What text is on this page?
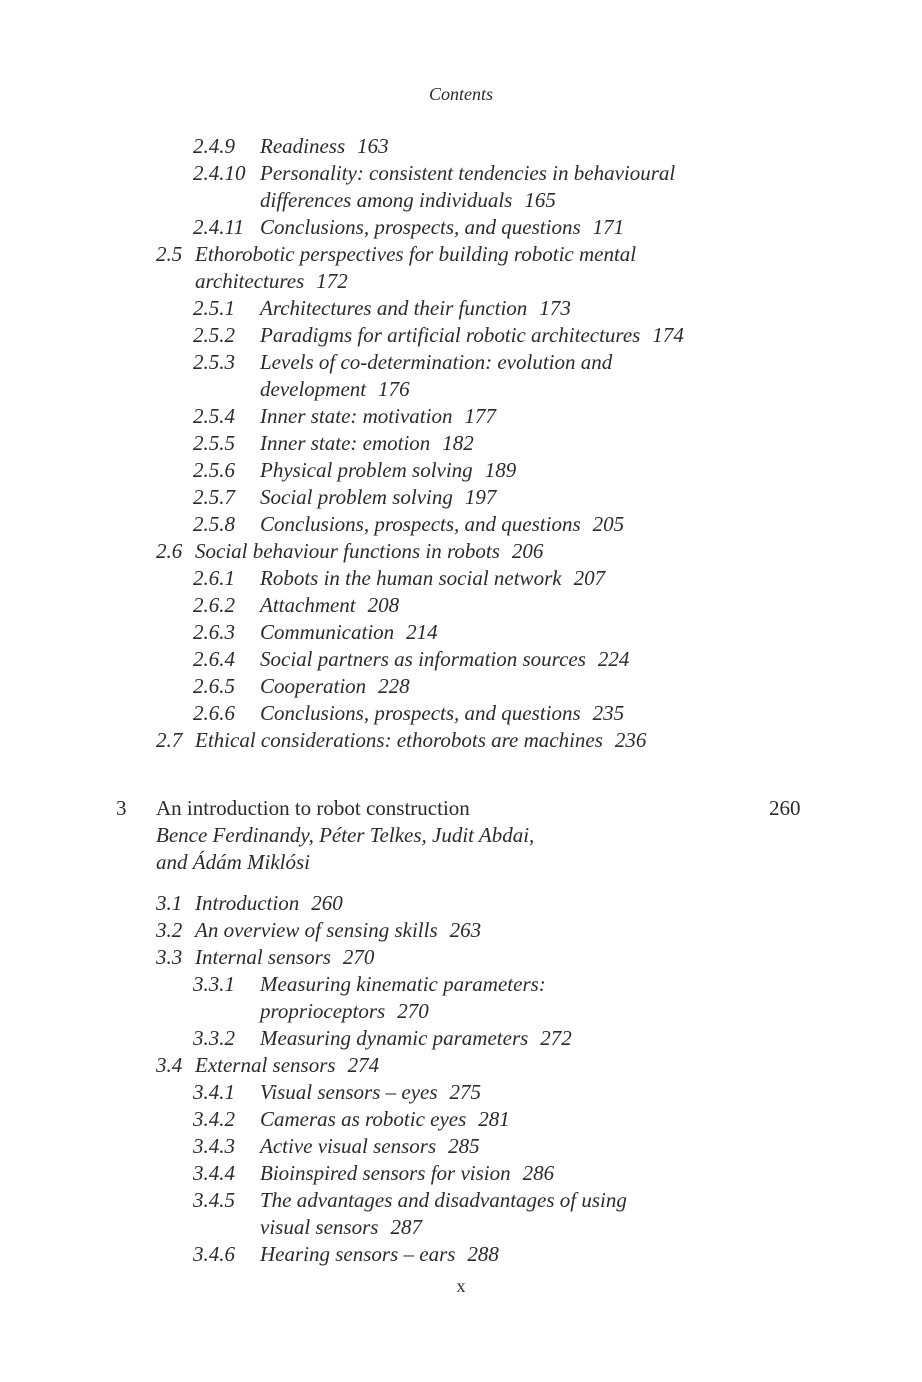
Contents
3 An introduction to robot construction	260
Bence Ferdinandy, Péter Telkes, Judit Abdai,
and Ádám Miklósi
2.4.9 Readiness 163
2.4.10 Personality: consistent tendencies in behavioural
differences among individuals 165
2.4.11 Conclusions, prospects, and questions 171
2.5 Ethorobotic perspectives for building robotic mental
architectures 172
2.5.1 Architectures and their function 173
2.5.2 Paradigms for artificial robotic architectures 174
2.5.3 Levels of co-determination: evolution and
development 176
2.5.4 Inner state: motivation 177
2.5.5 Inner state: emotion 182
2.5.6 Physical problem solving 189
2.5.7 Social problem solving 197
2.5.8 Conclusions, prospects, and questions 205
2.6 Social behaviour functions in robots 206
2.6.1 Robots in the human social network 207
2.6.2 Attachment 208
2.6.3 Communication 214
2.6.4 Social partners as information sources 224
2.6.5 Cooperation 228
2.6.6 Conclusions, prospects, and questions 235
2.7 Ethical considerations: ethorobots are machines 236
3.1 Introduction 260
3.2 An overview of sensing skills 263
3.3 Internal sensors 270
3.3.1 Measuring kinematic parameters:
proprioceptors 270
3.3.2 Measuring dynamic parameters 272
3.4 External sensors 274
3.4.1 Visual sensors – eyes 275
3.4.2 Cameras as robotic eyes 281
3.4.3 Active visual sensors 285
3.4.4 Bioinspired sensors for vision 286
3.4.5 The advantages and disadvantages of using
visual sensors 287
3.4.6 Hearing sensors – ears 288
x
